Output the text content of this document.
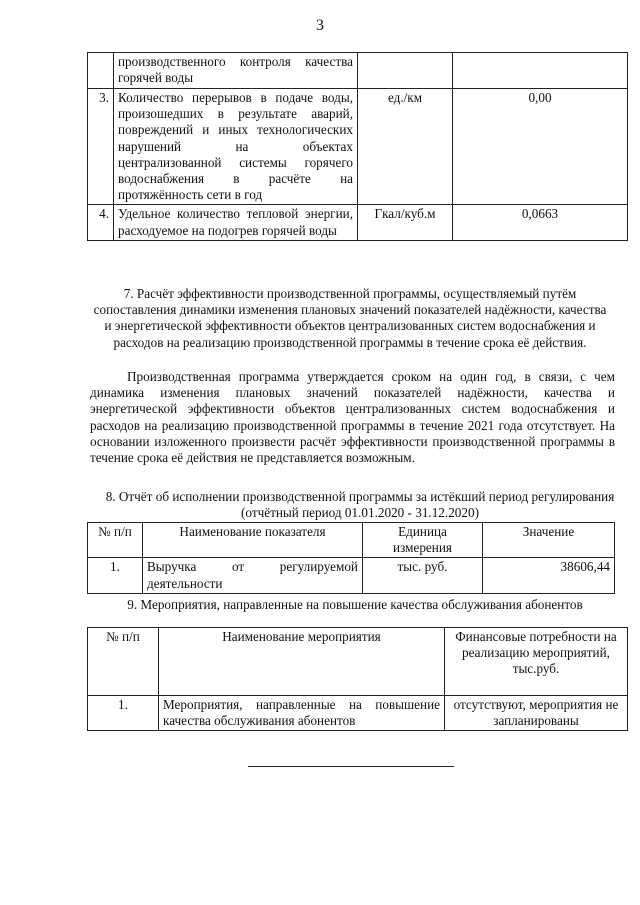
3
	производственного контроля качества горячей воды		
3.	Количество перерывов в подаче воды, произошедших в результате аварий, повреждений и иных технологических нарушений на объектах централизованной системы горячего водоснабжения в расчёте на протяжённость сети в год	ед./км	0,00
4.	Удельное количество тепловой энергии, расходуемое на подогрев горячей воды	Гкал/куб.м	0,0663
7. Расчёт эффективности производственной программы, осуществляемый путём сопоставления динамики изменения плановых значений показателей надёжности, качества и энергетической эффективности объектов централизованных систем водоснабжения и расходов на реализацию производственной программы в течение срока её действия.
Производственная программа утверждается сроком на один год, в связи, с чем динамика изменения плановых значений показателей надёжности, качества и энергетической эффективности объектов централизованных систем водоснабжения и расходов на реализацию производственной программы в течение 2021 года отсутствует. На основании изложенного произвести расчёт эффективности производственной программы в течение срока её действия не представляется возможным.
8. Отчёт об исполнении производственной программы за истёкший период регулирования (отчётный период 01.01.2020 - 31.12.2020)
№ п/п	Наименование показателя	Единица измерения	Значение
1.	Выручка от регулируемой деятельности	тыс. руб.	38606,44
9. Мероприятия, направленные на повышение качества обслуживания абонентов
№ п/п	Наименование мероприятия	Финансовые потребности на реализацию мероприятий, тыс.руб.
1.	Мероприятия, направленные на повышение качества обслуживания абонентов	отсутствуют, мероприятия не запланированы
